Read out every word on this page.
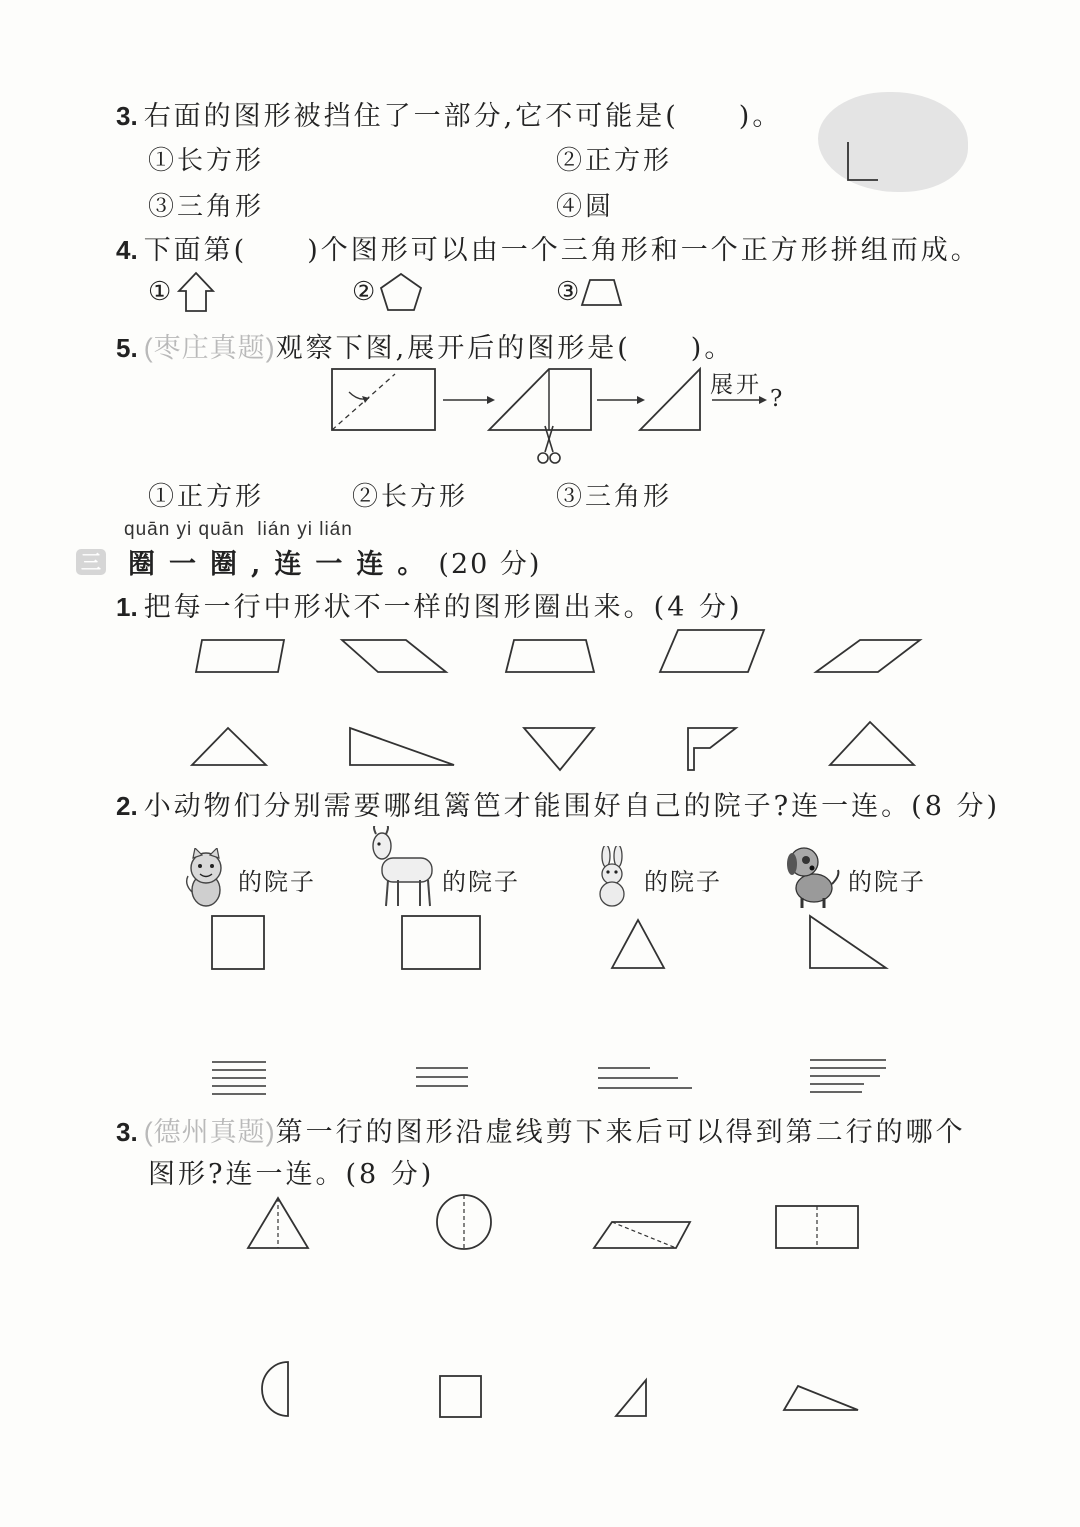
3. 右面的图形被挡住了一部分,它不可能是(　　)。
①长方形	②正方形
③三角形	④圆
4. 下面第(　　)个图形可以由一个三角形和一个正方形拼组而成。
①	②	③
5. (枣庄真题)观察下图,展开后的图形是(　　)。
展开
?
①正方形	②长方形	③三角形
quān yi quān  lián yi lián
三 圈一圈,连一连。(20 分)
1. 把每一行中形状不一样的图形圈出来。(4 分)
2. 小动物们分别需要哪组篱笆才能围好自己的院子?连一连。(8 分)
的院子	的院子	的院子	的院子
3. (德州真题)第一行的图形沿虚线剪下来后可以得到第二行的哪个
图形?连一连。(8 分)
